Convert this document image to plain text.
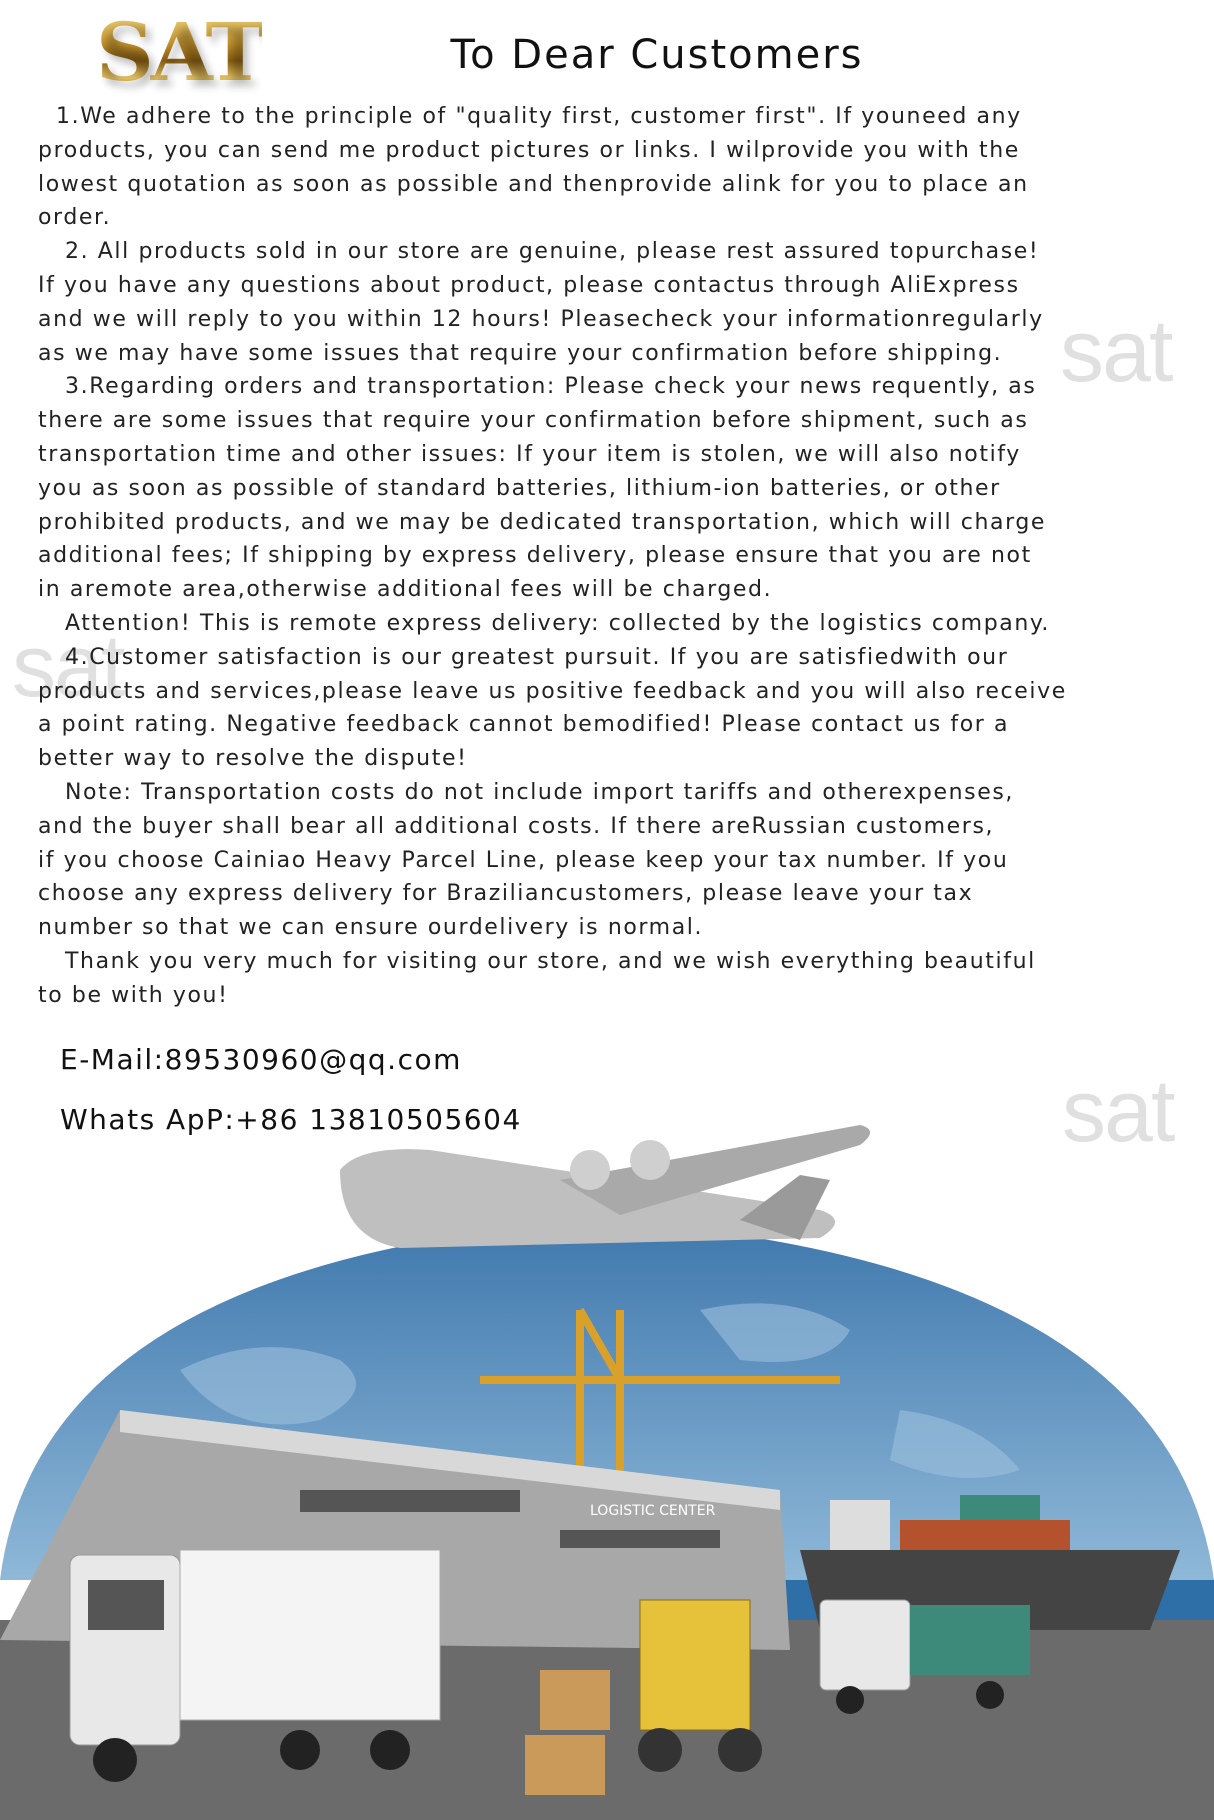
SAT	To Dear Customers
1.We adhere to the principle of "quality first, customer first". If youneed any
products, you can send me product pictures or links. I wilprovide you with the
lowest quotation as soon as possible and thenprovide alink for you to place an
order.
2. All products sold in our store are genuine, please rest assured topurchase!
If you have any questions about product, please contactus through AliExpress
and we will reply to you within 12 hours! Pleasecheck your informationregularly
as we may have some issues that require your confirmation before shipping.
3.Regarding orders and transportation: Please check your news requently, as
there are some issues that require your confirmation before shipment, such as
transportation time and other issues: If your item is stolen, we will also notify
you as soon as possible of standard batteries, lithium-ion batteries, or other
prohibited products, and we may be dedicated transportation, which will charge
additional fees; If shipping by express delivery, please ensure that you are not
in aremote area,otherwise additional fees will be charged.
Attention! This is remote express delivery: collected by the logistics company.
4.Customer satisfaction is our greatest pursuit. If you are satisfiedwith our
products and services,please leave us positive feedback and you will also receive
a point rating. Negative feedback cannot bemodified! Please contact us for a
better way to resolve the dispute!
Note: Transportation costs do not include import tariffs and otherexpenses,
and the buyer shall bear all additional costs. If there areRussian customers,
if you choose Cainiao Heavy Parcel Line, please keep your tax number. If you
choose any express delivery for Braziliancustomers, please leave your tax
number so that we can ensure ourdelivery is normal.
Thank you very much for visiting our store, and we wish everything beautiful
to be with you!
sat
sat
sat
E-Mail:89530960@qq.com
Whats ApP:+86 13810505604
LOGISTIC CENTER
